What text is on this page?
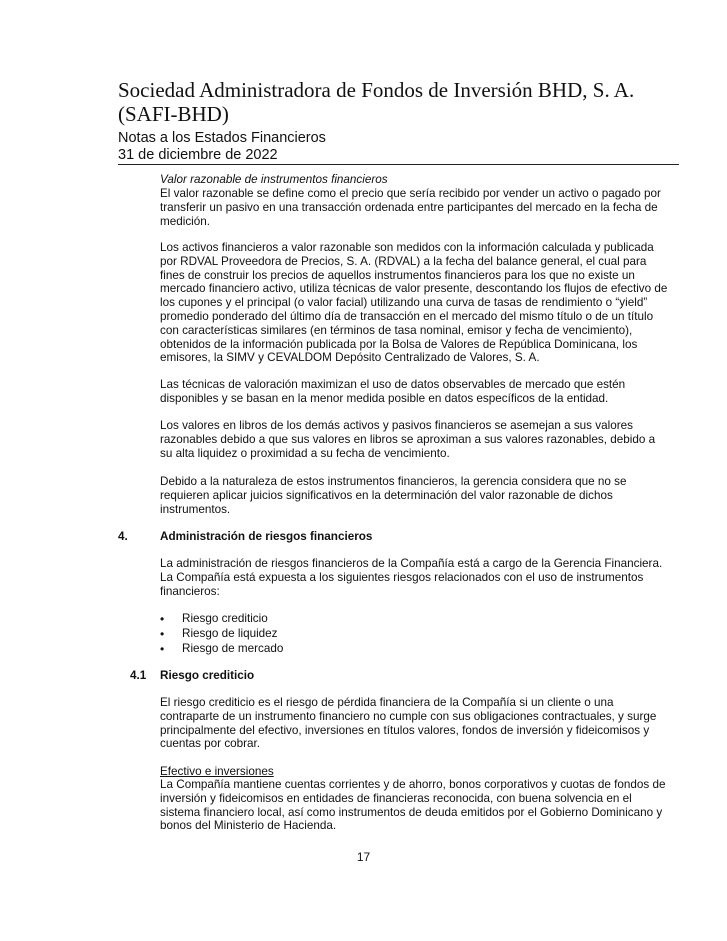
Sociedad Administradora de Fondos de Inversión BHD, S. A.
(SAFI-BHD)
Notas a los Estados Financieros
31 de diciembre de 2022
Valor razonable de instrumentos financieros
El valor razonable se define como el precio que sería recibido por vender un activo o pagado por
transferir un pasivo en una transacción ordenada entre participantes del mercado en la fecha de
medición.
Los activos financieros a valor razonable son medidos con la información calculada y publicada
por RDVAL Proveedora de Precios, S. A. (RDVAL) a la fecha del balance general, el cual para
fines de construir los precios de aquellos instrumentos financieros para los que no existe un
mercado financiero activo, utiliza técnicas de valor presente, descontando los flujos de efectivo de
los cupones y el principal (o valor facial) utilizando una curva de tasas de rendimiento o “yield”
promedio ponderado del último día de transacción en el mercado del mismo título o de un título
con características similares (en términos de tasa nominal, emisor y fecha de vencimiento),
obtenidos de la información publicada por la Bolsa de Valores de República Dominicana, los
emisores, la SIMV y CEVALDOM Depósito Centralizado de Valores, S. A.
Las técnicas de valoración maximizan el uso de datos observables de mercado que estén
disponibles y se basan en la menor medida posible en datos específicos de la entidad.
Los valores en libros de los demás activos y pasivos financieros se asemejan a sus valores
razonables debido a que sus valores en libros se aproximan a sus valores razonables, debido a
su alta liquidez o proximidad a su fecha de vencimiento.
Debido a la naturaleza de estos instrumentos financieros, la gerencia considera que no se
requieren aplicar juicios significativos en la determinación del valor razonable de dichos
instrumentos.
4.	Administración de riesgos financieros
La administración de riesgos financieros de la Compañía está a cargo de la Gerencia Financiera.
La Compañía está expuesta a los siguientes riesgos relacionados con el uso de instrumentos
financieros:
• Riesgo crediticio
• Riesgo de liquidez
• Riesgo de mercado
4.1 Riesgo crediticio
El riesgo crediticio es el riesgo de pérdida financiera de la Compañía si un cliente o una
contraparte de un instrumento financiero no cumple con sus obligaciones contractuales, y surge
principalmente del efectivo, inversiones en títulos valores, fondos de inversión y fideicomisos y
cuentas por cobrar.
Efectivo e inversiones
La Compañía mantiene cuentas corrientes y de ahorro, bonos corporativos y cuotas de fondos de
inversión y fideicomisos en entidades de financieras reconocida, con buena solvencia en el
sistema financiero local, así como instrumentos de deuda emitidos por el Gobierno Dominicano y
bonos del Ministerio de Hacienda.
17
